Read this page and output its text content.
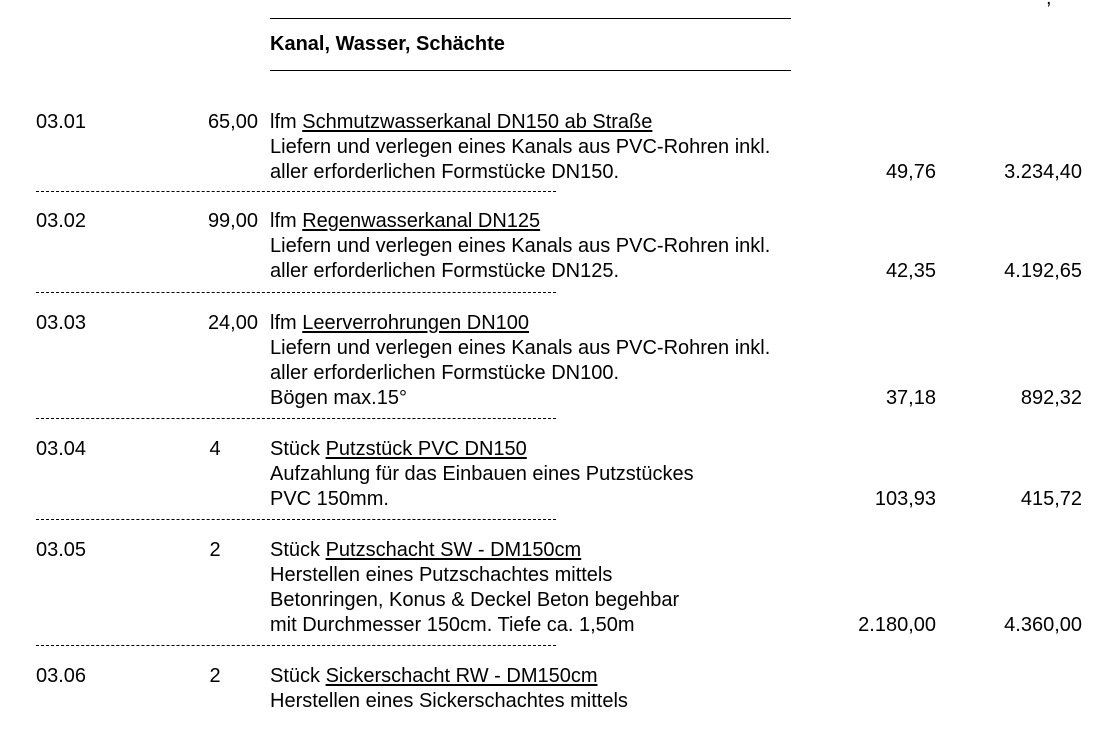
Kanal, Wasser, Schächte
03.01	65,00 lfm Schmutzwasserkanal DN150 ab Straße
Liefern und verlegen eines Kanals aus PVC-Rohren inkl.
aller erforderlichen Formstücke DN150.	49,76	3.234,40
03.02	99,00 lfm Regenwasserkanal DN125
Liefern und verlegen eines Kanals aus PVC-Rohren inkl.
aller erforderlichen Formstücke DN125.	42,35	4.192,65
03.03	24,00 lfm Leerverrohrungen DN100
Liefern und verlegen eines Kanals aus PVC-Rohren inkl.
aller erforderlichen Formstücke DN100.
Bögen max.15°	37,18	892,32
03.04	4	Stück Putzstück PVC DN150
Aufzahlung für das Einbauen eines Putzstückes
PVC 150mm.	103,93	415,72
03.05	2	Stück Putzschacht SW - DM150cm
Herstellen eines Putzschachtes mittels
Betonringen, Konus & Deckel Beton begehbar
mit Durchmesser 150cm. Tiefe ca. 1,50m	2.180,00	4.360,00
03.06	2	Stück Sickerschacht RW - DM150cm
Herstellen eines Sickerschachtes mittels
